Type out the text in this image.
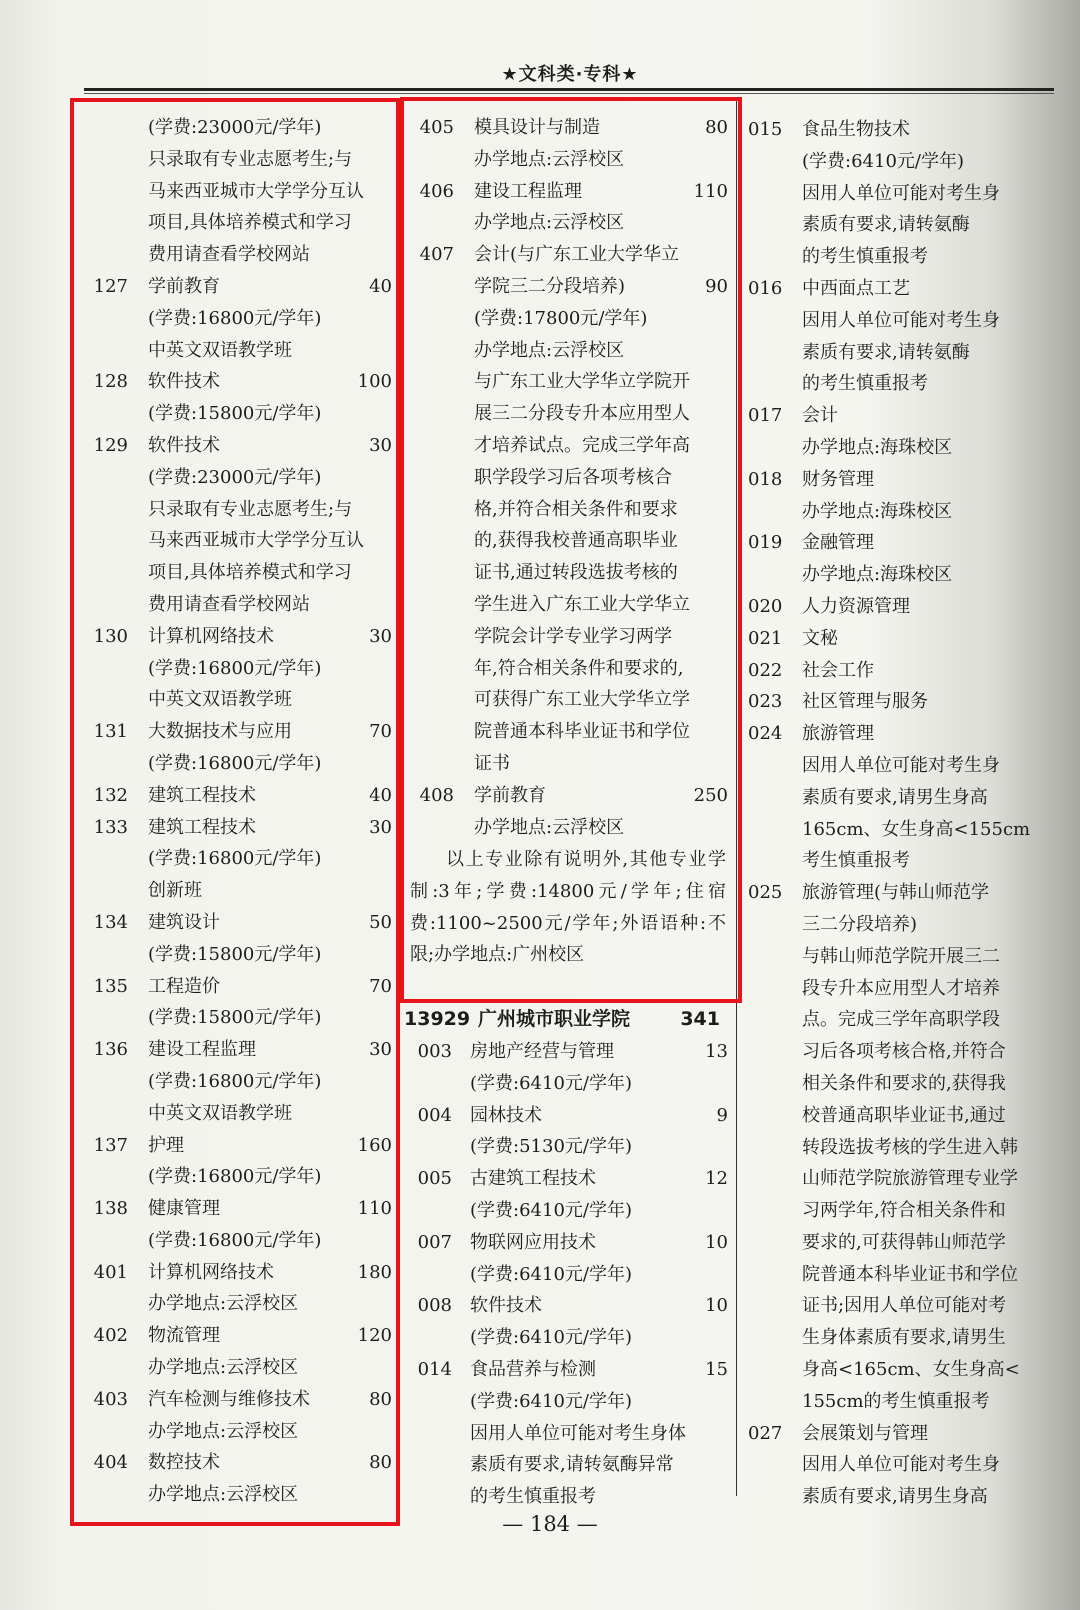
★文科类·专科★
(学费:23000元/学年)
只录取有专业志愿考生;与
马来西亚城市大学学分互认
项目,具体培养模式和学习
费用请查看学校网站
127	学前教育	40
(学费:16800元/学年)
中英文双语教学班
128	软件技术	100
(学费:15800元/学年)
129	软件技术	30
(学费:23000元/学年)
只录取有专业志愿考生;与
马来西亚城市大学学分互认
项目,具体培养模式和学习
费用请查看学校网站
130	计算机网络技术	30
(学费:16800元/学年)
中英文双语教学班
131	大数据技术与应用	70
(学费:16800元/学年)
132	建筑工程技术	40
133	建筑工程技术	30
(学费:16800元/学年)
创新班
134	建筑设计	50
(学费:15800元/学年)
135	工程造价	70
(学费:15800元/学年)
136	建设工程监理	30
(学费:16800元/学年)
中英文双语教学班
137	护理	160
(学费:16800元/学年)
138	健康管理	110
(学费:16800元/学年)
401	计算机网络技术	180
办学地点:云浮校区
402	物流管理	120
办学地点:云浮校区
403	汽车检测与维修技术	80
办学地点:云浮校区
404	数控技术	80
办学地点:云浮校区
405	模具设计与制造	80
办学地点:云浮校区
406	建设工程监理	110
办学地点:云浮校区
407	会计(与广东工业大学华立
学院三二分段培养)	90
(学费:17800元/学年)
办学地点:云浮校区
与广东工业大学华立学院开
展三二分段专升本应用型人
才培养试点。完成三学年高
职学段学习后各项考核合
格,并符合相关条件和要求
的,获得我校普通高职毕业
证书,通过转段选拔考核的
学生进入广东工业大学华立
学院会计学专业学习两学
年,符合相关条件和要求的,
可获得广东工业大学华立学
院普通本科毕业证书和学位
证书
408	学前教育	250
办学地点:云浮校区
以上专业除有说明外,其他专业学制:3年;学费:14800元/学年;住宿费:1100~2500元/学年;外语语种:不限;办学地点:广州校区
13929 广州城市职业学院	341
003	房地产经营与管理	13
(学费:6410元/学年)
004	园林技术	9
(学费:5130元/学年)
005	古建筑工程技术	12
(学费:6410元/学年)
007	物联网应用技术	10
(学费:6410元/学年)
008	软件技术	10
(学费:6410元/学年)
014	食品营养与检测	15
(学费:6410元/学年)
因用人单位可能对考生身体
素质有要求,请转氨酶异常
的考生慎重报考
015	食品生物技术
(学费:6410元/学年)
因用人单位可能对考生身
素质有要求,请转氨酶
的考生慎重报考
016	中西面点工艺
因用人单位可能对考生身
素质有要求,请转氨酶
的考生慎重报考
017	会计
办学地点:海珠校区
018	财务管理
办学地点:海珠校区
019	金融管理
办学地点:海珠校区
020	人力资源管理
021	文秘
022	社会工作
023	社区管理与服务
024	旅游管理
因用人单位可能对考生身
素质有要求,请男生身高
165cm、女生身高<155cm
考生慎重报考
025	旅游管理(与韩山师范学
三二分段培养)
与韩山师范学院开展三二
段专升本应用型人才培养
点。完成三学年高职学段
习后各项考核合格,并符合
相关条件和要求的,获得我
校普通高职毕业证书,通过
转段选拔考核的学生进入韩
山师范学院旅游管理专业学
习两学年,符合相关条件和
要求的,可获得韩山师范学
院普通本科毕业证书和学位
证书;因用人单位可能对考
生身体素质有要求,请男生
身高<165cm、女生身高<
155cm的考生慎重报考
027	会展策划与管理
因用人单位可能对考生身
素质有要求,请男生身高
— 184 —
